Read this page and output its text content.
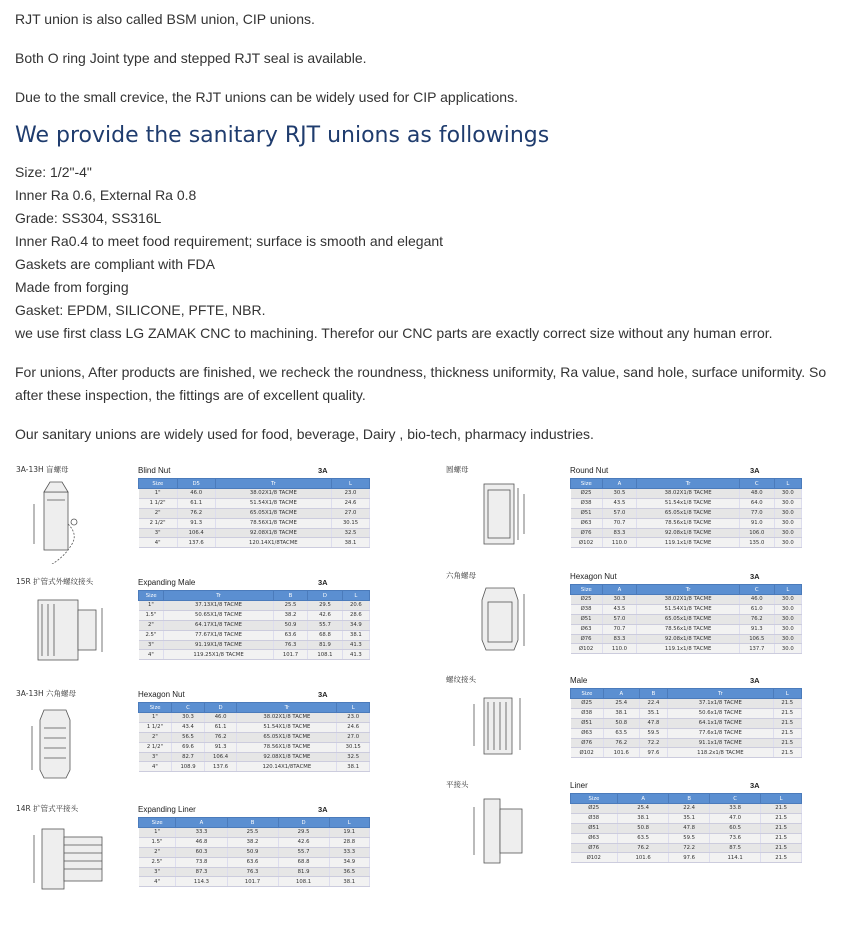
RJT union is also called BSM union, CIP unions.
Both O ring Joint type and stepped RJT seal is available.
Due to the small crevice, the RJT unions can be widely used for CIP applications.
We provide the sanitary RJT unions as followings
Size: 1/2"-4"
Inner Ra 0.6, External Ra 0.8
Grade: SS304, SS316L
Inner Ra0.4 to meet food requirement; surface is smooth and elegant
Gaskets are compliant with FDA
Made from forging
Gasket: EPDM, SILICONE, PFTE, NBR.
we use first class LG ZAMAK CNC to machining. Therefor our CNC parts are exactly correct size without any human error.
For unions, After products are finished, we recheck the roundness, thickness uniformity, Ra value, sand hole, surface uniformity. So after these inspection, the fittings are of excellent quality.
Our sanitary unions are widely used for food, beverage, Dairy , bio-tech, pharmacy industries.
3A-13H 盲螺母	Blind Nut	3A
Size	D5	Tr	L
1"	46.0	38.02X1/8 TACME	23.0
1 1/2"	61.1	51.54X1/8 TACME	24.6
2"	76.2	65.05X1/8 TACME	27.0
2 1/2"	91.3	78.56X1/8 TACME	30.15
3"	106.4	92.08X1/8 TACME	32.5
4"	137.6	120.14X1/8TACME	38.1
圆螺母	Round Nut	3A
Size	A	Tr	C	L
Ø25	30.5	38.02X1/8 TACME	48.0	30.0
Ø38	43.5	51.54x1/8 TACME	64.0	30.0
Ø51	57.0	65.05x1/8 TACME	77.0	30.0
Ø63	70.7	78.56x1/8 TACME	91.0	30.0
Ø76	83.3	92.08x1/8 TACME	106.0	30.0
Ø102	110.0	119.1x1/8 TACME	135.0	30.0
15R 扩管式外螺纹接头	Expanding Male	3A
Size	Tr	B	D	L
1"	37.13X1/8 TACME	25.5	29.5	20.6
1.5"	50.65X1/8 TACME	38.2	42.6	28.6
2"	64.17X1/8 TACME	50.9	55.7	34.9
2.5"	77.67X1/8 TACME	63.6	68.8	38.1
3"	91.19X1/8 TACME	76.3	81.9	41.3
4"	119.25X1/8 TACME	101.7	108.1	41.3
六角螺母	Hexagon Nut	3A
Size	A	Tr	C	L
Ø25	30.3	38.02X1/8 TACME	46.0	30.0
Ø38	43.5	51.54X1/8 TACME	61.0	30.0
Ø51	57.0	65.05x1/8 TACME	76.2	30.0
Ø63	70.7	78.56x1/8 TACME	91.3	30.0
Ø76	83.3	92.08x1/8 TACME	106.5	30.0
Ø102	110.0	119.1x1/8 TACME	137.7	30.0
3A-13H 六角螺母	Hexagon Nut	3A
Size	C	D	Tr	L
1"	30.3	46.0	38.02X1/8 TACME	23.0
1 1/2"	43.4	61.1	51.54X1/8 TACME	24.6
2"	56.5	76.2	65.05X1/8 TACME	27.0
2 1/2"	69.6	91.3	78.56X1/8 TACME	30.15
3"	82.7	106.4	92.08X1/8 TACME	32.5
4"	108.9	137.6	120.14X1/8TACME	38.1
螺纹接头	Male	3A
Size	A	B	Tr	L
Ø25	25.4	22.4	37.1x1/8 TACME	21.5
Ø38	38.1	35.1	50.6x1/8 TACME	21.5
Ø51	50.8	47.8	64.1x1/8 TACME	21.5
Ø63	63.5	59.5	77.6x1/8 TACME	21.5
Ø76	76.2	72.2	91.1x1/8 TACME	21.5
Ø102	101.6	97.6	118.2x1/8 TACME	21.5
14R 扩管式平接头	Expanding Liner	3A
Size	A	B	D	L
1"	33.3	25.5	29.5	19.1
1.5"	46.8	38.2	42.6	28.8
2"	60.3	50.9	55.7	33.3
2.5"	73.8	63.6	68.8	34.9
3"	87.3	76.3	81.9	36.5
4"	114.3	101.7	108.1	38.1
平接头	Liner	3A
Size	A	B	C	L
Ø25	25.4	22.4	33.8	21.5
Ø38	38.1	35.1	47.0	21.5
Ø51	50.8	47.8	60.5	21.5
Ø63	63.5	59.5	73.6	21.5
Ø76	76.2	72.2	87.5	21.5
Ø102	101.6	97.6	114.1	21.5
